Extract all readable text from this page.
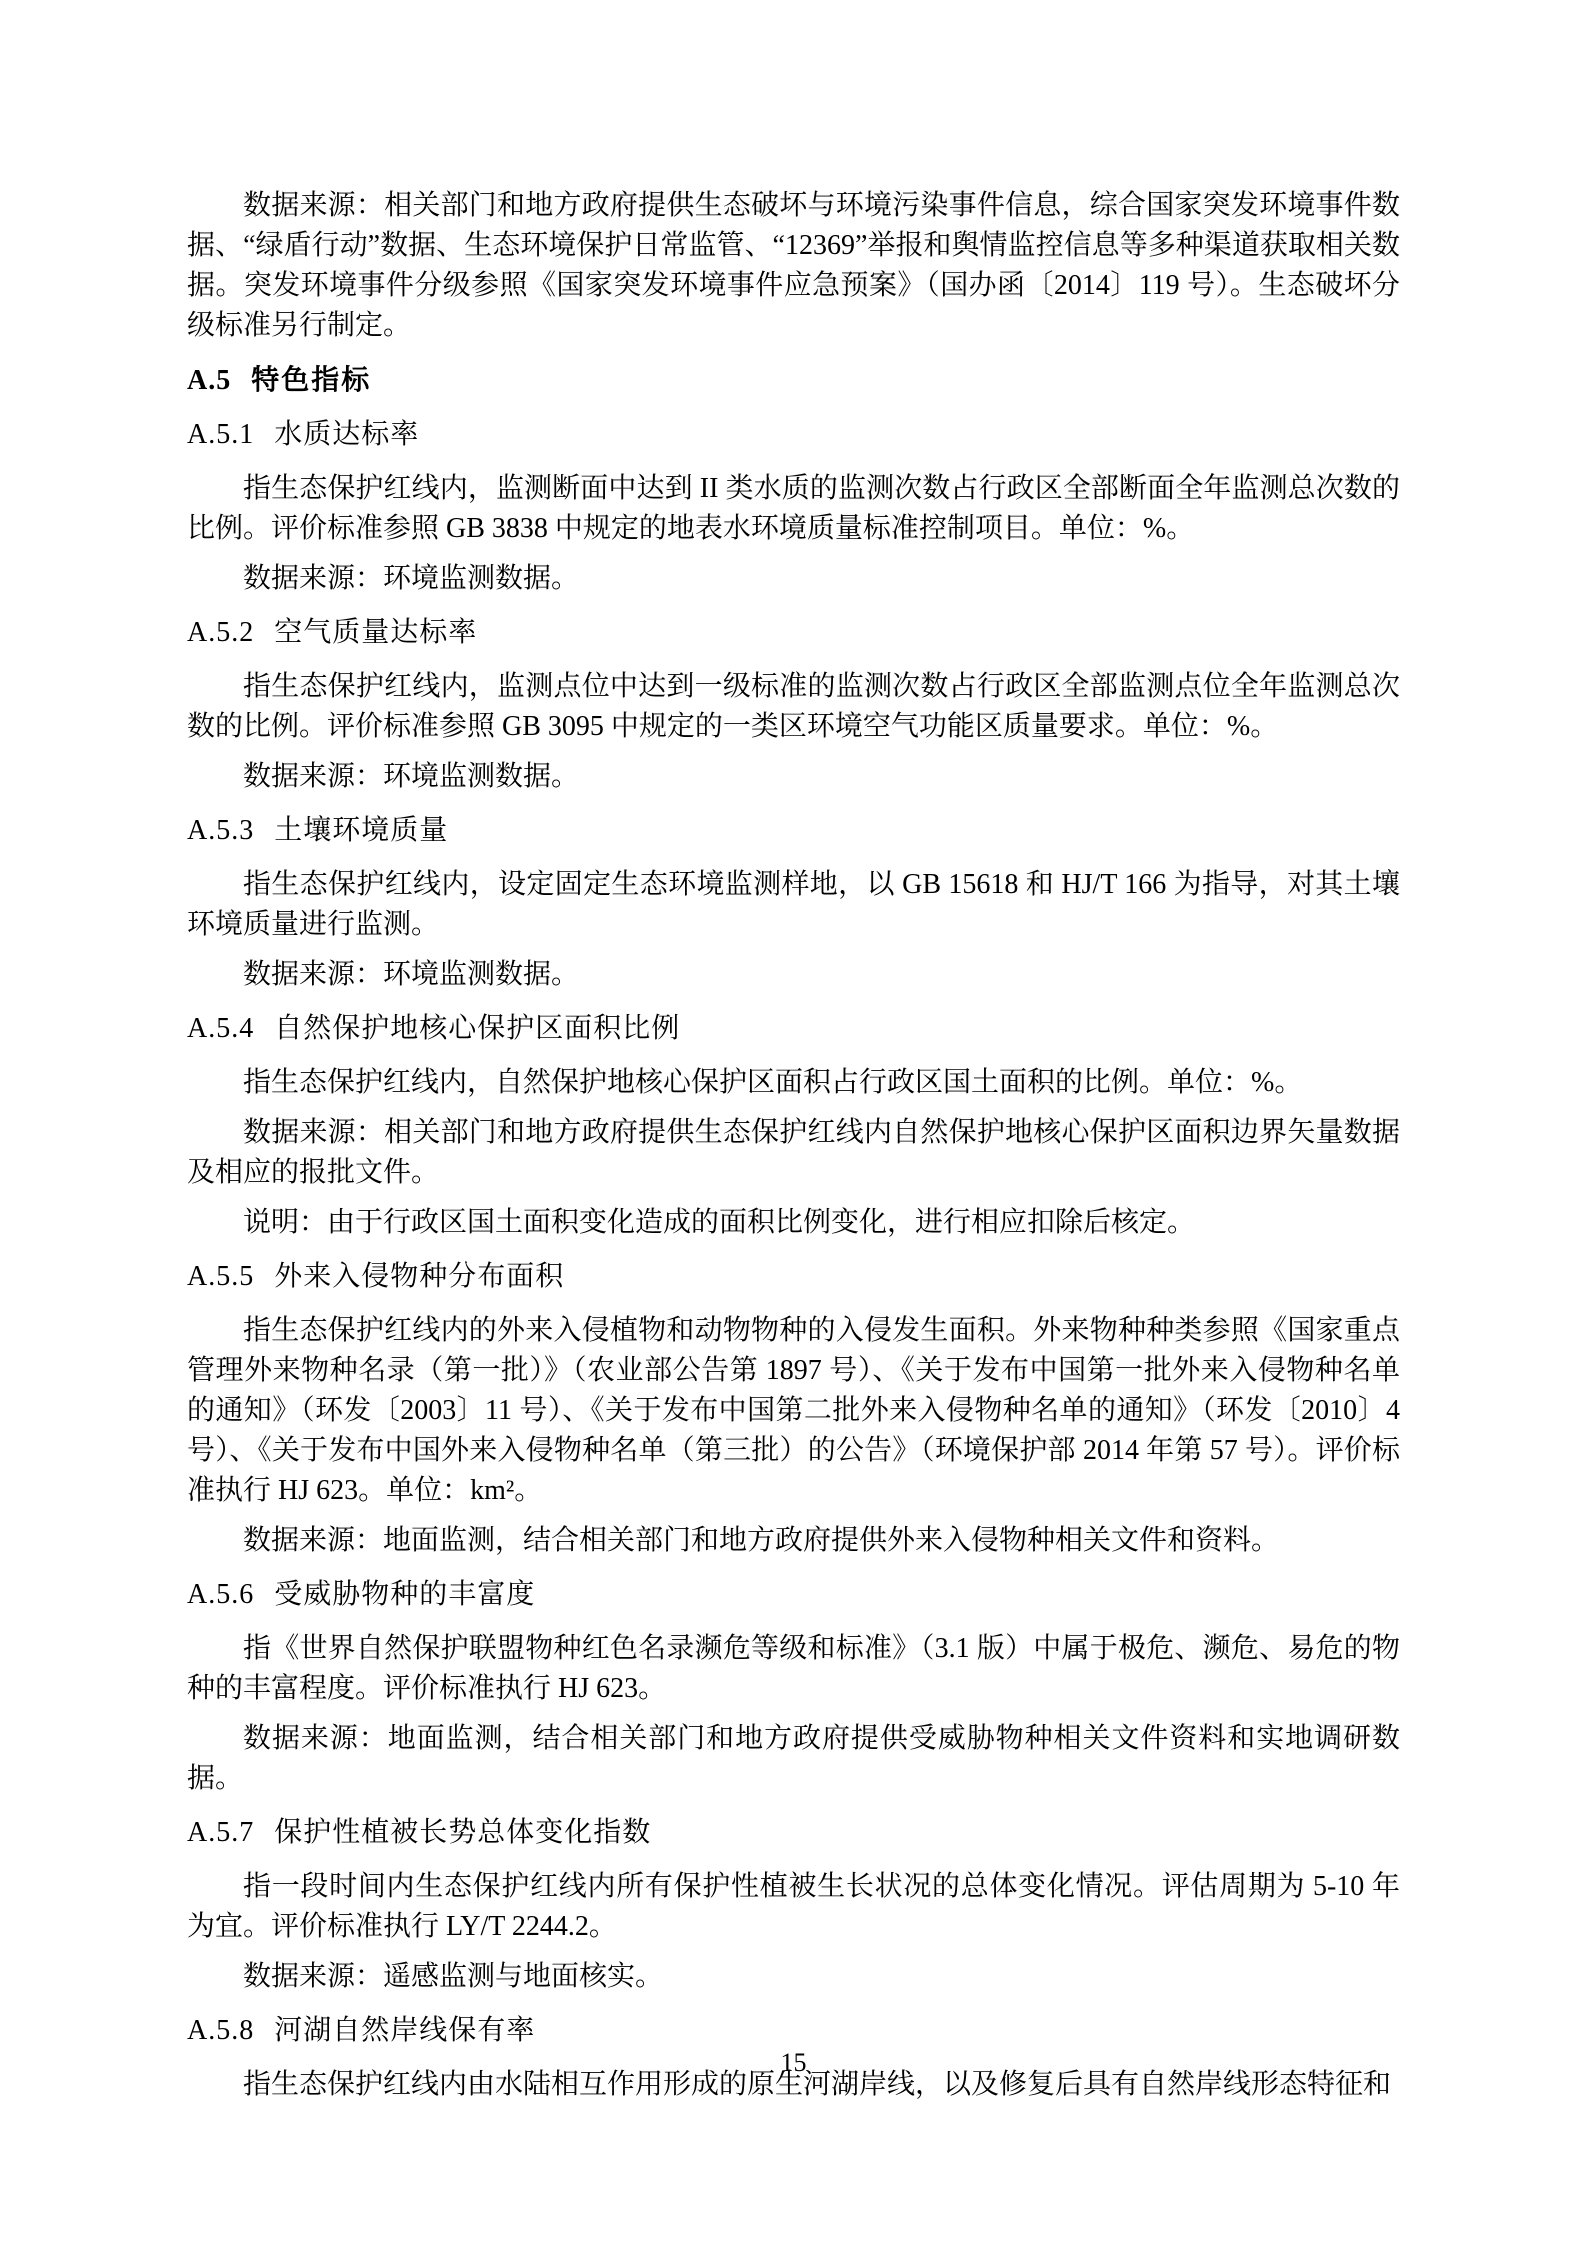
数据来源：相关部门和地方政府提供生态破坏与环境污染事件信息，综合国家突发环境事件数据、“绿盾行动”数据、生态环境保护日常监管、“12369”举报和舆情监控信息等多种渠道获取相关数据。突发环境事件分级参照《国家突发环境事件应急预案》（国办函〔2014〕119 号）。生态破坏分级标准另行制定。

A.5 特色指标
A.5.1 水质达标率

指生态保护红线内，监测断面中达到 II 类水质的监测次数占行政区全部断面全年监测总次数的比例。评价标准参照 GB 3838 中规定的地表水环境质量标准控制项目。单位：%。

数据来源：环境监测数据。

A.5.2 空气质量达标率

指生态保护红线内，监测点位中达到一级标准的监测次数占行政区全部监测点位全年监测总次数的比例。评价标准参照 GB 3095 中规定的一类区环境空气功能区质量要求。单位：%。

数据来源：环境监测数据。

A.5.3 土壤环境质量

指生态保护红线内，设定固定生态环境监测样地，以 GB 15618 和 HJ/T 166 为指导，对其土壤环境质量进行监测。

数据来源：环境监测数据。

A.5.4 自然保护地核心保护区面积比例

指生态保护红线内，自然保护地核心保护区面积占行政区国土面积的比例。单位：%。

数据来源：相关部门和地方政府提供生态保护红线内自然保护地核心保护区面积边界矢量数据及相应的报批文件。

说明：由于行政区国土面积变化造成的面积比例变化，进行相应扣除后核定。

A.5.5 外来入侵物种分布面积

指生态保护红线内的外来入侵植物和动物物种的入侵发生面积。外来物种种类参照《国家重点管理外来物种名录（第一批）》（农业部公告第 1897 号）、《关于发布中国第一批外来入侵物种名单的通知》（环发〔2003〕11 号）、《关于发布中国第二批外来入侵物种名单的通知》（环发〔2010〕4 号）、《关于发布中国外来入侵物种名单（第三批）的公告》（环境保护部 2014 年第 57 号）。评价标准执行 HJ 623。单位：km²。

数据来源：地面监测，结合相关部门和地方政府提供外来入侵物种相关文件和资料。

A.5.6 受威胁物种的丰富度

指《世界自然保护联盟物种红色名录濒危等级和标准》（3.1 版）中属于极危、濒危、易危的物种的丰富程度。评价标准执行 HJ 623。

数据来源：地面监测，结合相关部门和地方政府提供受威胁物种相关文件资料和实地调研数据。

A.5.7 保护性植被长势总体变化指数

指一段时间内生态保护红线内所有保护性植被生长状况的总体变化情况。评估周期为 5-10 年为宜。评价标准执行 LY/T 2244.2。

数据来源：遥感监测与地面核实。

A.5.8 河湖自然岸线保有率

指生态保护红线内由水陆相互作用形成的原生河湖岸线，以及修复后具有自然岸线形态特征和

15
